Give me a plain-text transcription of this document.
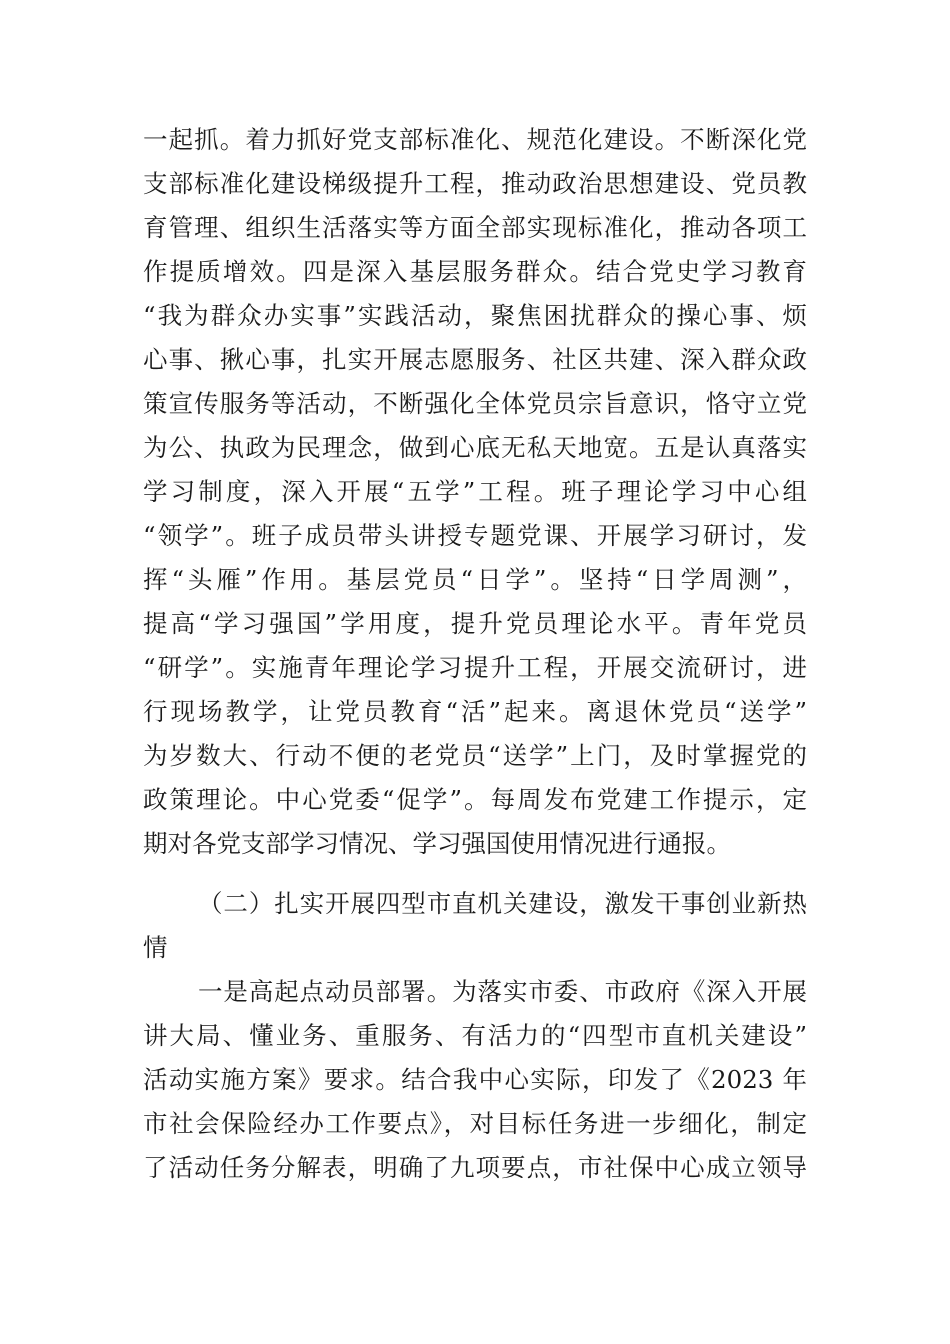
一起抓。着力抓好党支部标准化、规范化建设。不断深化党
支部标准化建设梯级提升工程，推动政治思想建设、党员教
育管理、组织生活落实等方面全部实现标准化，推动各项工
作提质增效。四是深入基层服务群众。结合党史学习教育
“我为群众办实事”实践活动，聚焦困扰群众的操心事、烦
心事、揪心事，扎实开展志愿服务、社区共建、深入群众政
策宣传服务等活动，不断强化全体党员宗旨意识，恪守立党
为公、执政为民理念，做到心底无私天地宽。五是认真落实
学习制度，深入开展“五学”工程。班子理论学习中心组
“领学”。班子成员带头讲授专题党课、开展学习研讨，发
挥“头雁”作用。基层党员“日学”。坚持“日学周测”，
提高“学习强国”学用度，提升党员理论水平。青年党员
“研学”。实施青年理论学习提升工程，开展交流研讨，进
行现场教学，让党员教育“活”起来。离退休党员“送学”
为岁数大、行动不便的老党员“送学”上门，及时掌握党的
政策理论。中心党委“促学”。每周发布党建工作提示，定
期对各党支部学习情况、学习强国使用情况进行通报。
（二）扎实开展四型市直机关建设，激发干事创业新热
情
一是高起点动员部署。为落实市委、市政府《深入开展
讲大局、懂业务、重服务、有活力的“四型市直机关建设”
活动实施方案》要求。结合我中心实际，印发了《2023 年
市社会保险经办工作要点》，对目标任务进一步细化，制定
了活动任务分解表，明确了九项要点，市社保中心成立领导
